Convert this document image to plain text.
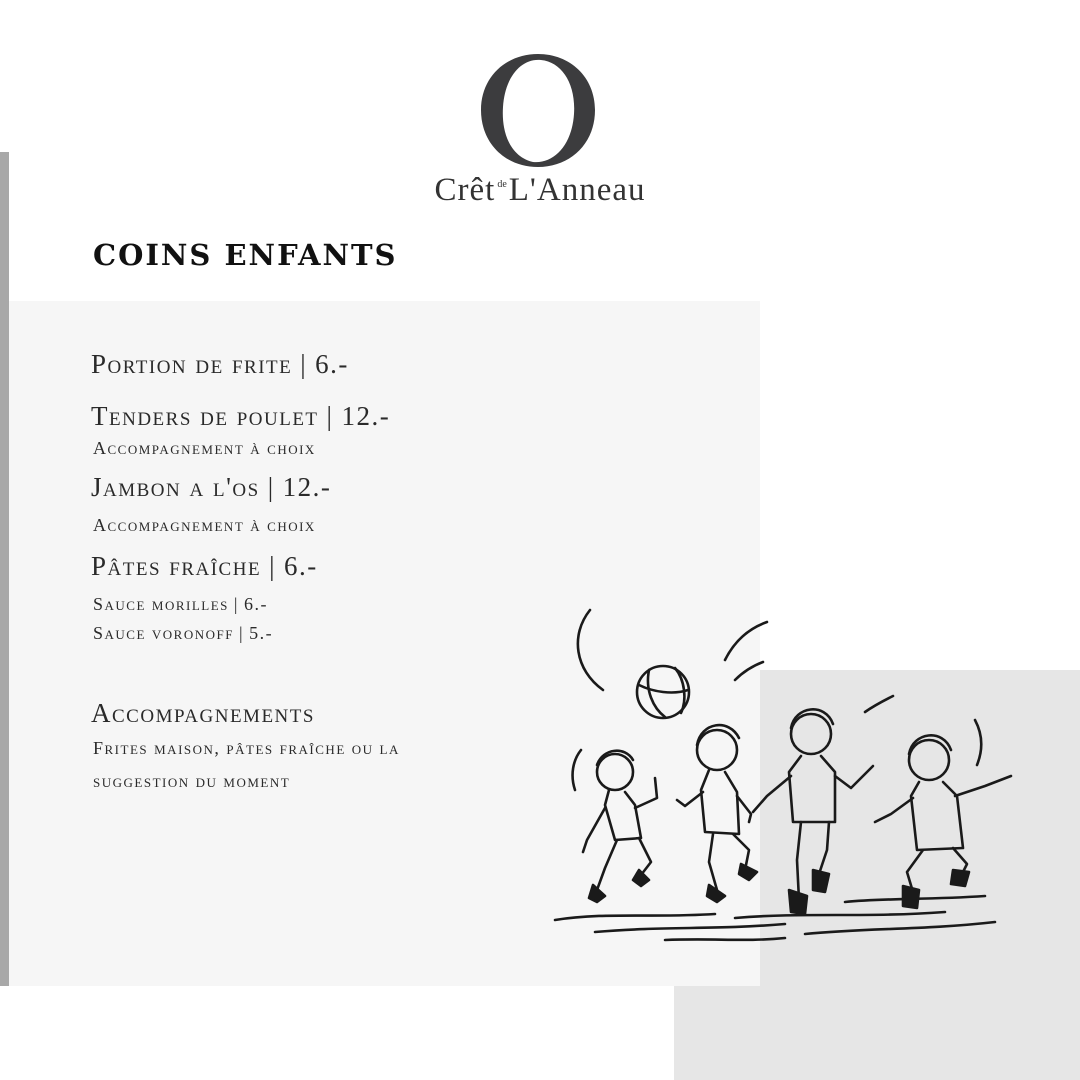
Crêt $^{de}$L'Anneau
COINS ENFANTS
Portion de frite | 6.-
Tenders de poulet | 12.-
Accompagnement à choix
Jambon a l'os | 12.-
Accompagnement à choix
Pâtes fraîche | 6.-
Sauce morilles | 6.-
Sauce voronoff | 5.-
Accompagnements
Frites maison, pâtes fraîche ou la
suggestion du moment
